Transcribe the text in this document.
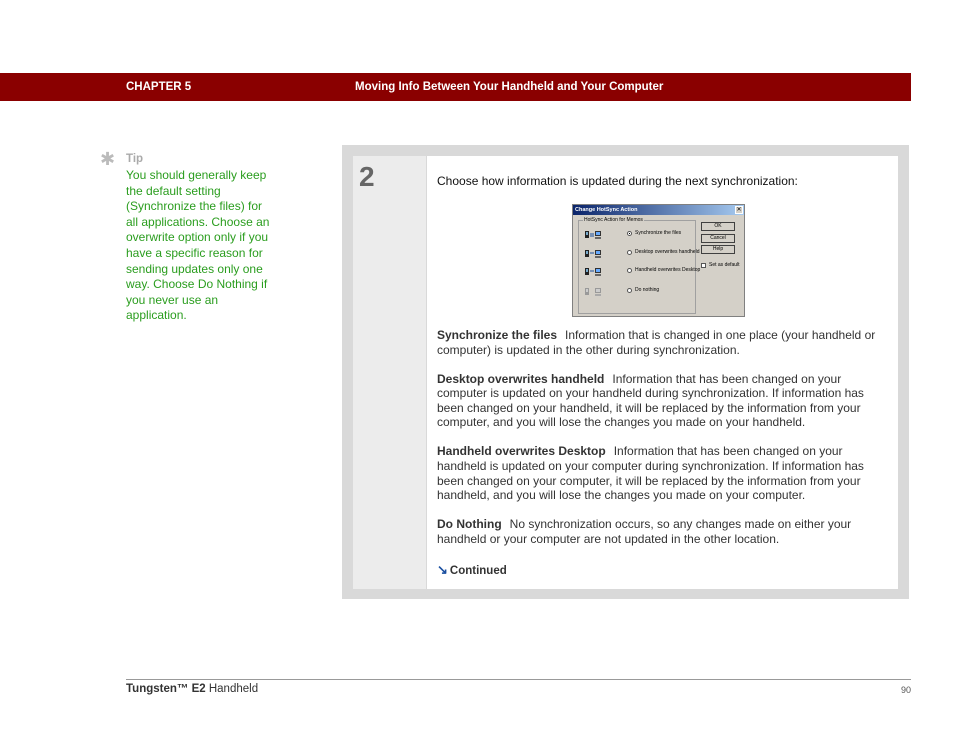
CHAPTER 5	Moving Info Between Your Handheld and Your Computer
✱ Tip
You should generally keep the default setting (Synchronize the files) for all applications. Choose an overwrite option only if you have a specific reason for sending updates only one way. Choose Do Nothing if you never use an application.
2	Choose how information is updated during the next synchronization:
Change HotSync Action	✕
HotSync Action for Memos
Synchronize the files
Desktop overwrites handheld
Handheld overwrites Desktop
Do nothing
OK
Cancel
Help
Set as default

Synchronize the files Information that is changed in one place (your handheld or computer) is updated in the other during synchronization.

Desktop overwrites handheld Information that has been changed on your computer is updated on your handheld during synchronization. If information has been changed on your handheld, it will be replaced by the information from your computer, and you will lose the changes you made on your handheld.

Handheld overwrites Desktop Information that has been changed on your handheld is updated on your computer during synchronization. If information has been changed on your computer, it will be replaced by the information from your handheld, and you will lose the changes you made on your computer.

Do Nothing No synchronization occurs, so any changes made on either your handheld or your computer are not updated in the other location.

↘ Continued
Tungsten™ E2 Handheld	90
